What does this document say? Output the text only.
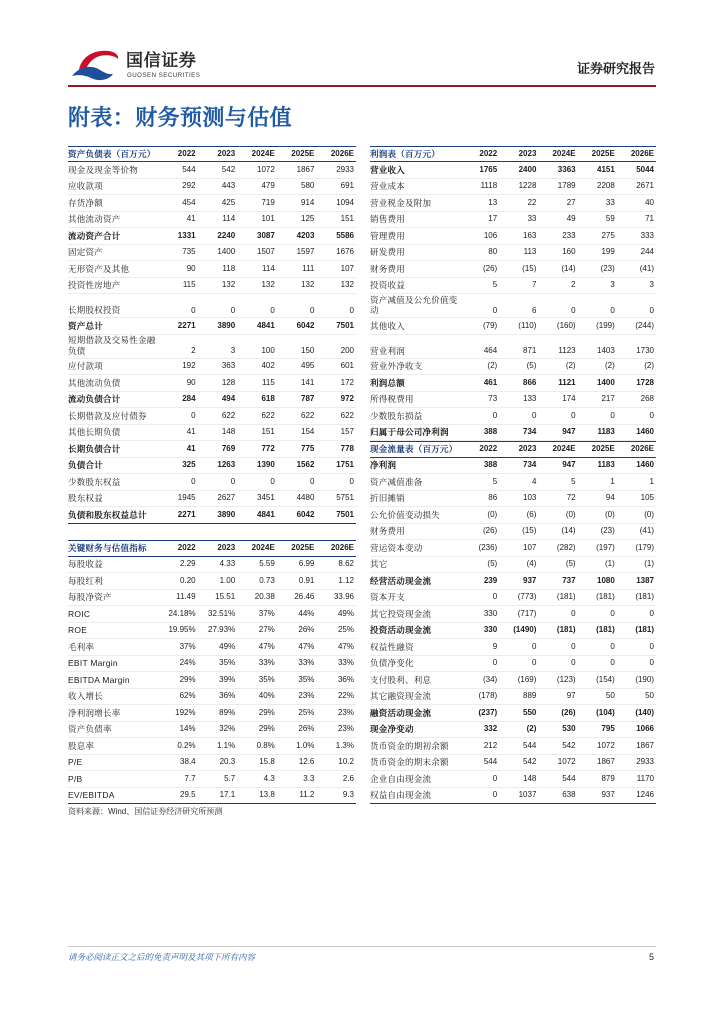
国信证券
GUOSEN SECURITIES	证券研究报告
附表：财务预测与估值
资产负债表（百万元）	2022	2023	2024E	2025E	2026E
现金及现金等价物	544	542	1072	1867	2933
应收款项	292	443	479	580	691
存货净额	454	425	719	914	1094
其他流动资产	41	114	101	125	151
流动资产合计	1331	2240	3087	4203	5586
固定资产	735	1400	1507	1597	1676
无形资产及其他	90	118	114	111	107
投资性房地产	115	132	132	132	132
长期股权投资	0	0	0	0	0
资产总计	2271	3890	4841	6042	7501
短期借款及交易性金融负债	2	3	100	150	200
应付款项	192	363	402	495	601
其他流动负债	90	128	115	141	172
流动负债合计	284	494	618	787	972
长期借款及应付债券	0	622	622	622	622
其他长期负债	41	148	151	154	157
长期负债合计	41	769	772	775	778
负债合计	325	1263	1390	1562	1751
少数股东权益	0	0	0	0	0
股东权益	1945	2627	3451	4480	5751
负债和股东权益总计	2271	3890	4841	6042	7501
关键财务与估值指标	2022	2023	2024E	2025E	2026E
每股收益	2.29	4.33	5.59	6.99	8.62
每股红利	0.20	1.00	0.73	0.91	1.12
每股净资产	11.49	15.51	20.38	26.46	33.96
ROIC	24.18%	32.51%	37%	44%	49%
ROE	19.95%	27.93%	27%	26%	25%
毛利率	37%	49%	47%	47%	47%
EBIT Margin	24%	35%	33%	33%	33%
EBITDA Margin	29%	39%	35%	35%	36%
收入增长	62%	36%	40%	23%	22%
净利润增长率	192%	89%	29%	25%	23%
资产负债率	14%	32%	29%	26%	23%
股息率	0.2%	1.1%	0.8%	1.0%	1.3%
P/E	38.4	20.3	15.8	12.6	10.2
P/B	7.7	5.7	4.3	3.3	2.6
EV/EBITDA	29.5	17.1	13.8	11.2	9.3
利润表（百万元）	2022	2023	2024E	2025E	2026E
营业收入	1765	2400	3363	4151	5044
营业成本	1118	1228	1789	2208	2671
营业税金及附加	13	22	27	33	40
销售费用	17	33	49	59	71
管理费用	106	163	233	275	333
研发费用	80	113	160	199	244
财务费用	(26)	(15)	(14)	(23)	(41)
投资收益	5	7	2	3	3
资产减值及公允价值变动	0	6	0	0	0
其他收入	(79)	(110)	(160)	(199)	(244)
营业利润	464	871	1123	1403	1730
营业外净收支	(2)	(5)	(2)	(2)	(2)
利润总额	461	866	1121	1400	1728
所得税费用	73	133	174	217	268
少数股东损益	0	0	0	0	0
归属于母公司净利润	388	734	947	1183	1460
现金流量表（百万元）	2022	2023	2024E	2025E	2026E
净利润	388	734	947	1183	1460
资产减值准备	5	4	5	1	1
折旧摊销	86	103	72	94	105
公允价值变动损失	(0)	(6)	(0)	(0)	(0)
财务费用	(26)	(15)	(14)	(23)	(41)
营运资本变动	(236)	107	(282)	(197)	(179)
其它	(5)	(4)	(5)	(1)	(1)
经营活动现金流	239	937	737	1080	1387
资本开支	0	(773)	(181)	(181)	(181)
其它投资现金流	330	(717)	0	0	0
投资活动现金流	330	(1490)	(181)	(181)	(181)
权益性融资	9	0	0	0	0
负债净变化	0	0	0	0	0
支付股利、利息	(34)	(169)	(123)	(154)	(190)
其它融资现金流	(178)	889	97	50	50
融资活动现金流	(237)	550	(26)	(104)	(140)
现金净变动	332	(2)	530	795	1066
货币资金的期初余额	212	544	542	1072	1867
货币资金的期末余额	544	542	1072	1867	2933
企业自由现金流	0	148	544	879	1170
权益自由现金流	0	1037	638	937	1246
资料来源：Wind、国信证券经济研究所预测
请务必阅读正文之后的免责声明及其项下所有内容	5
